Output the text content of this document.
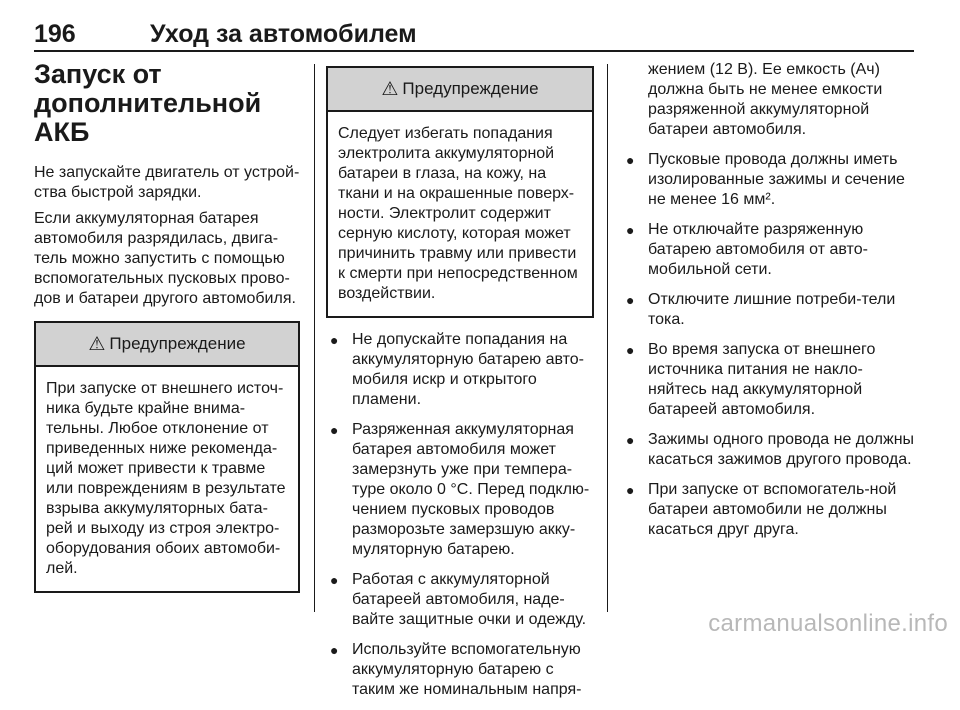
196	Уход за автомобилем
Запуск от
дополнительной АКБ

Не запускайте двигатель от устрой-ства быстрой зарядки.

Если аккумуляторная батарея автомобиля разрядилась, двига-тель можно запустить с помощью вспомогательных пусковых прово-дов и батареи другого автомобиля.

⚠ Предупреждение
При запуске от внешнего источ-ника будьте крайне внима-тельны. Любое отклонение от приведенных ниже рекоменда-ций может привести к травме или повреждениям в результате взрыва аккумуляторных бата-рей и выходу из строя электро-оборудования обоих автомоби-лей.
⚠ Предупреждение
Следует избегать попадания электролита аккумуляторной батареи в глаза, на кожу, на ткани и на окрашенные поверх-ности. Электролит содержит серную кислоту, которая может причинить травму или привести к смерти при непосредственном воздействии.
● Не допускайте попадания на аккумуляторную батарею авто-мобиля искр и открытого пламени.
● Разряженная аккумуляторная батарея автомобиля может замерзнуть уже при темпера-туре около 0 °C. Перед подклю-чением пусковых проводов разморозьте замерзшую акку-муляторную батарею.
● Работая с аккумуляторной батареей автомобиля, наде-вайте защитные очки и одежду.
● Используйте вспомогательную аккумуляторную батарею с таким же номинальным напря-

жением (12 В). Ее емкость (Ач) должна быть не менее емкости разряженной аккумуляторной батареи автомобиля.

● Пусковые провода должны иметь изолированные зажимы и сечение не менее 16 мм².
● Не отключайте разряженную батарею автомобиля от авто-мобильной сети.
● Отключите лишние потреби-тели тока.
● Во время запуска от внешнего источника питания не накло-няйтесь над аккумуляторной батареей автомобиля.
● Зажимы одного провода не должны касаться зажимов другого провода.
● При запуске от вспомогатель-ной батареи автомобили не должны касаться друг друга.
carmanualsonline.info
